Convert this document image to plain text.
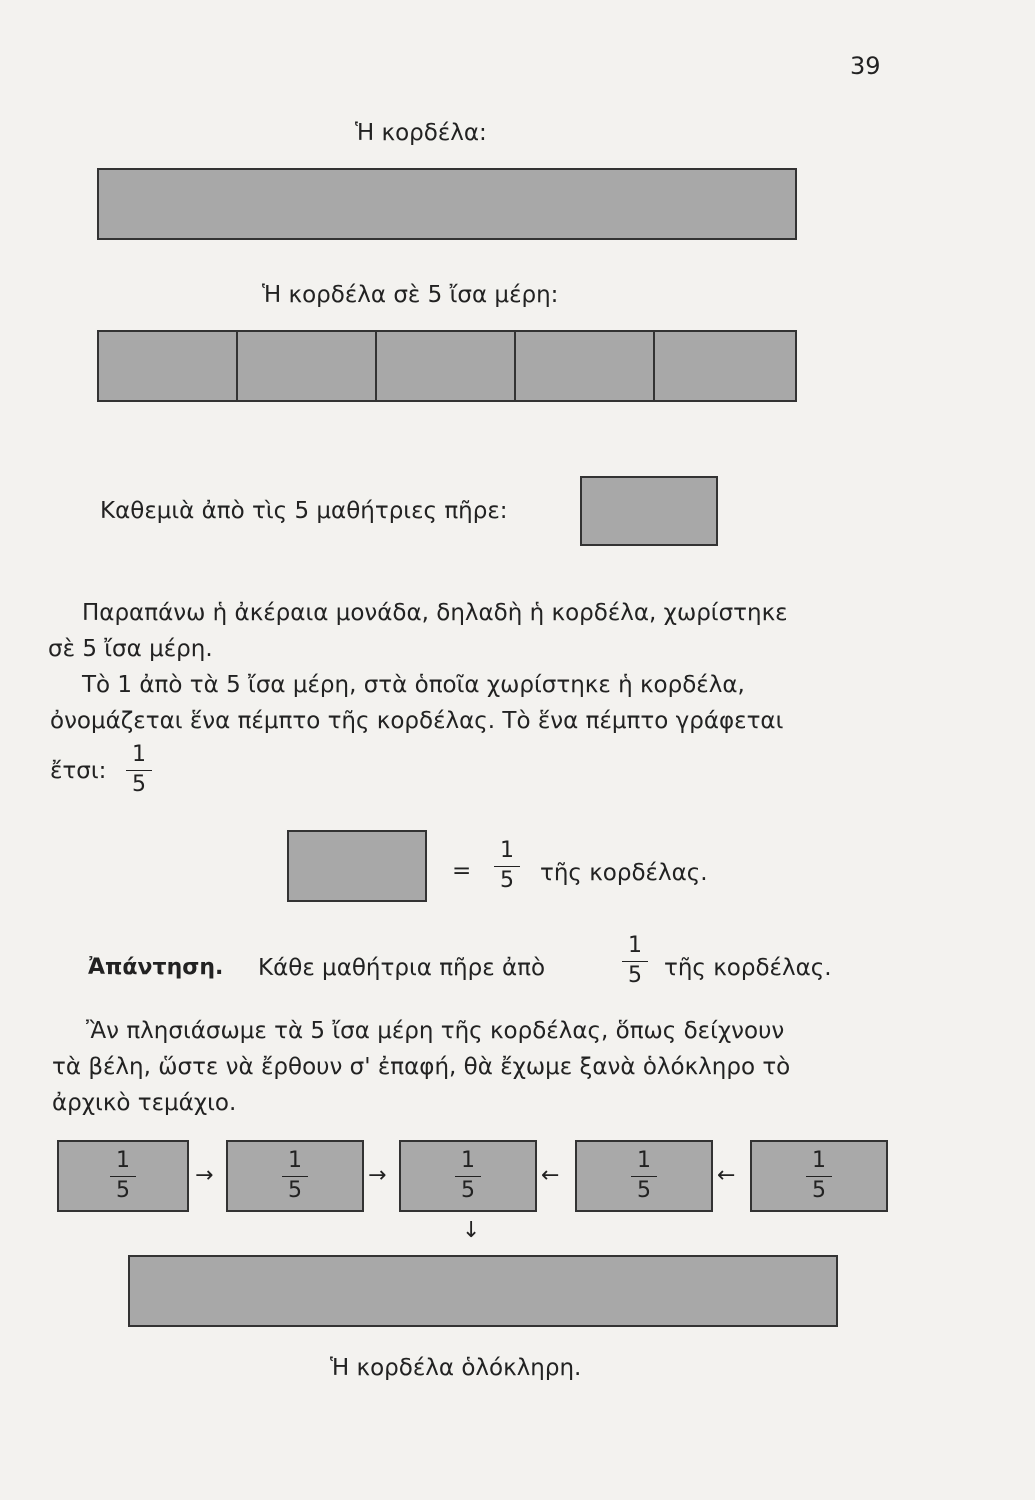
39
Ἡ κορδέλα:
Ἡ κορδέλα σὲ 5 ἴσα μέρη:
Καθεμιὰ ἀπὸ τὶς 5 μαθήτριες πῆρε:
Παραπάνω ἡ ἀκέραια μονάδα, δηλαδὴ ἡ κορδέλα, χωρίστηκε
σὲ 5 ἴσα μέρη.
Τὸ 1 ἀπὸ τὰ 5 ἴσα μέρη, στὰ ὁποῖα χωρίστηκε ἡ κορδέλα,
ὀνομάζεται ἕνα πέμπτο τῆς κορδέλας. Τὸ ἕνα πέμπτο γράφεται
ἔτσι:
1
5
=
1
5 τῆς κορδέλας.
Ἀπάντηση. Κάθε μαθήτρια πῆρε ἀπὸ
1
5 τῆς κορδέλας.
Ἂν πλησιάσωμε τὰ 5 ἴσα μέρη τῆς κορδέλας, ὅπως δείχνουν
τὰ βέλη, ὥστε νὰ ἔρθουν σ' ἐπαφή, θὰ ἔχωμε ξανὰ ὁλόκληρο τὸ
ἀρχικὸ τεμάχιο.
1
5
→
1
5
→
1
5
←
1
5
←
1
5
↓
Ἡ κορδέλα ὁλόκληρη.
